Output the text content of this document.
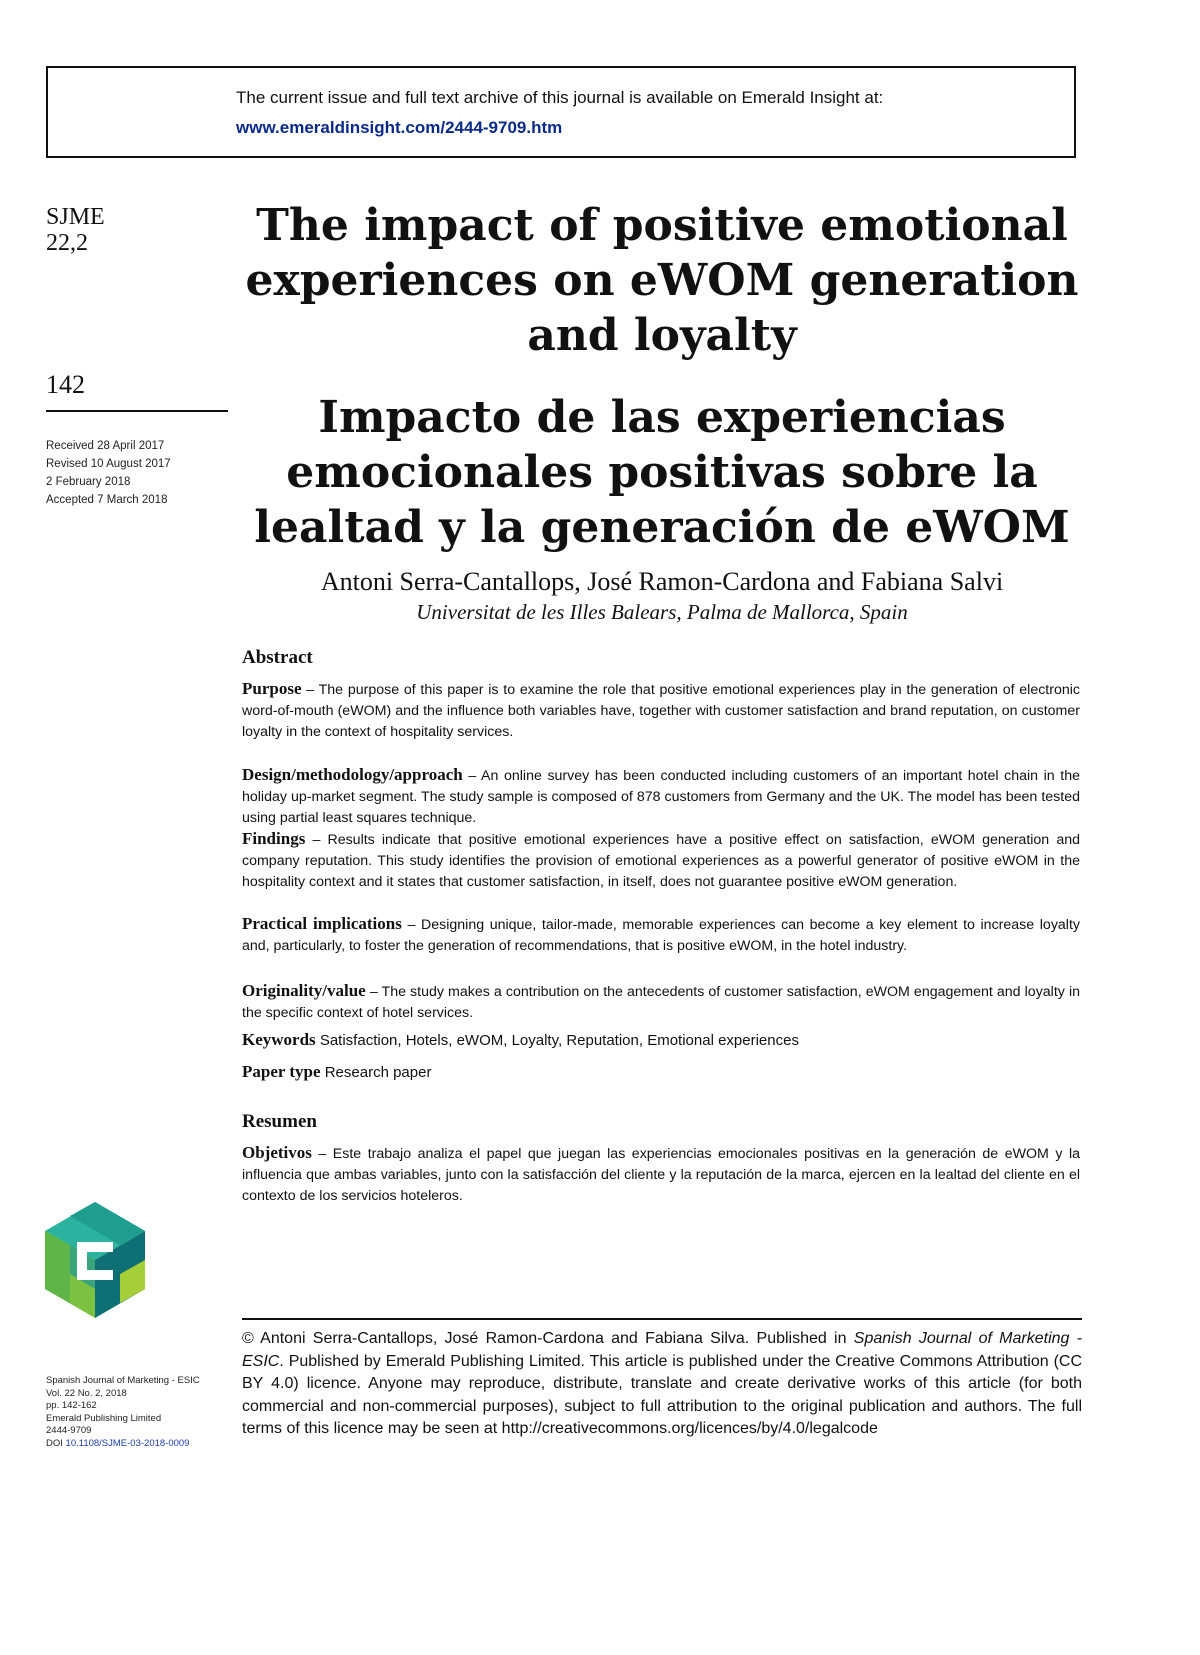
The current issue and full text archive of this journal is available on Emerald Insight at:
www.emeraldinsight.com/2444-9709.htm
SJME
22,2
142
Received 28 April 2017
Revised 10 August 2017
2 February 2018
Accepted 7 March 2018
Spanish Journal of Marketing - ESIC
Vol. 22 No. 2, 2018
pp. 142-162
Emerald Publishing Limited
2444-9709
DOI 10.1108/SJME-03-2018-0009
The impact of positive emotional
experiences on eWOM generation
and loyalty
Impacto de las experiencias
emocionales positivas sobre la
lealtad y la generación de eWOM
Antoni Serra-Cantallops, José Ramon-Cardona and Fabiana Salvi
Universitat de les Illes Balears, Palma de Mallorca, Spain
Abstract

Purpose – The purpose of this paper is to examine the role that positive emotional experiences play in the generation of electronic word-of-mouth (eWOM) and the influence both variables have, together with customer satisfaction and brand reputation, on customer loyalty in the context of hospitality services.

Design/methodology/approach – An online survey has been conducted including customers of an important hotel chain in the holiday up-market segment. The study sample is composed of 878 customers from Germany and the UK. The model has been tested using partial least squares technique.

Findings – Results indicate that positive emotional experiences have a positive effect on satisfaction, eWOM generation and company reputation. This study identifies the provision of emotional experiences as a powerful generator of positive eWOM in the hospitality context and it states that customer satisfaction, in itself, does not guarantee positive eWOM generation.

Practical implications – Designing unique, tailor-made, memorable experiences can become a key element to increase loyalty and, particularly, to foster the generation of recommendations, that is positive eWOM, in the hotel industry.

Originality/value – The study makes a contribution on the antecedents of customer satisfaction, eWOM engagement and loyalty in the specific context of hotel services.

Keywords Satisfaction, Hotels, eWOM, Loyalty, Reputation, Emotional experiences
Paper type Research paper
Resumen

Objetivos – Este trabajo analiza el papel que juegan las experiencias emocionales positivas en la generación de eWOM y la influencia que ambas variables, junto con la satisfacción del cliente y la reputación de la marca, ejercen en la lealtad del cliente en el contexto de los servicios hoteleros.

© Antoni Serra-Cantallops, José Ramon-Cardona and Fabiana Silva. Published in Spanish Journal of Marketing - ESIC. Published by Emerald Publishing Limited. This article is published under the Creative Commons Attribution (CC BY 4.0) licence. Anyone may reproduce, distribute, translate and create derivative works of this article (for both commercial and non-commercial purposes), subject to full attribution to the original publication and authors. The full terms of this licence may be seen at http://creativecommons.org/licences/by/4.0/legalcode
